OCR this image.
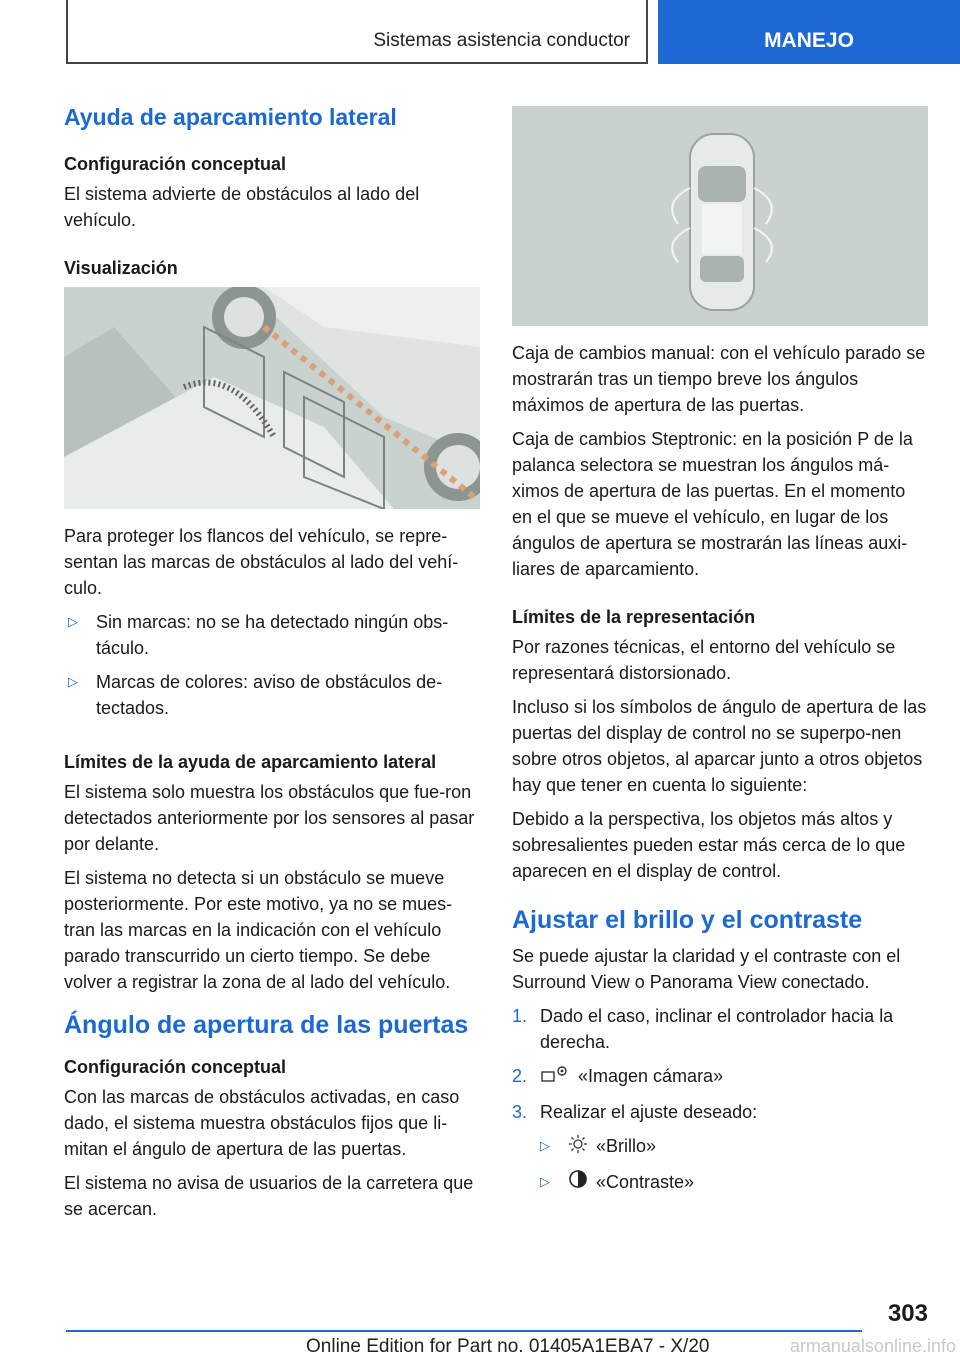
Sistemas asistencia conductor	MANEJO
Ayuda de aparcamiento lateral
Configuración conceptual

El sistema advierte de obstáculos al lado del vehículo.

Visualización

Para proteger los flancos del vehículo, se repre‐sentan las marcas de obstáculos al lado del vehí‐culo.

▷ Sin marcas: no se ha detectado ningún obs‐táculo.
▷ Marcas de colores: aviso de obstáculos de‐tectados.
Límites de la ayuda de aparcamiento lateral

El sistema solo muestra los obstáculos que fue‐ron detectados anteriormente por los sensores al pasar por delante.

El sistema no detecta si un obstáculo se mueve posteriormente. Por este motivo, ya no se mues‐tran las marcas en la indicación con el vehículo parado transcurrido un cierto tiempo. Se debe volver a registrar la zona de al lado del vehículo.

Ángulo de apertura de las puertas
Configuración conceptual

Con las marcas de obstáculos activadas, en caso dado, el sistema muestra obstáculos fijos que li‐mitan el ángulo de apertura de las puertas.

El sistema no avisa de usuarios de la carretera que se acercan.

Caja de cambios manual: con el vehículo parado se mostrarán tras un tiempo breve los ángulos máximos de apertura de las puertas.

Caja de cambios Steptronic: en la posición P de la palanca selectora se muestran los ángulos má‐ximos de apertura de las puertas. En el momento en el que se mueve el vehículo, en lugar de los ángulos de apertura se mostrarán las líneas auxi‐liares de aparcamiento.

Límites de la representación

Por razones técnicas, el entorno del vehículo se representará distorsionado.

Incluso si los símbolos de ángulo de apertura de las puertas del display de control no se superpo‐nen sobre otros objetos, al aparcar junto a otros objetos hay que tener en cuenta lo siguiente:

Debido a la perspectiva, los objetos más altos y sobresalientes pueden estar más cerca de lo que aparecen en el display de control.

Ajustar el brillo y el contraste

Se puede ajustar la claridad y el contraste con el Surround View o Panorama View conectado.

1. Dado el caso, inclinar el controlador hacia la derecha.
2.	«Imagen cámara»
3. Realizar el ajuste deseado:
▷	«Brillo»
▷	«Contraste»
303
Online Edition for Part no. 01405A1EBA7 - X/20	armanualsonline.info
